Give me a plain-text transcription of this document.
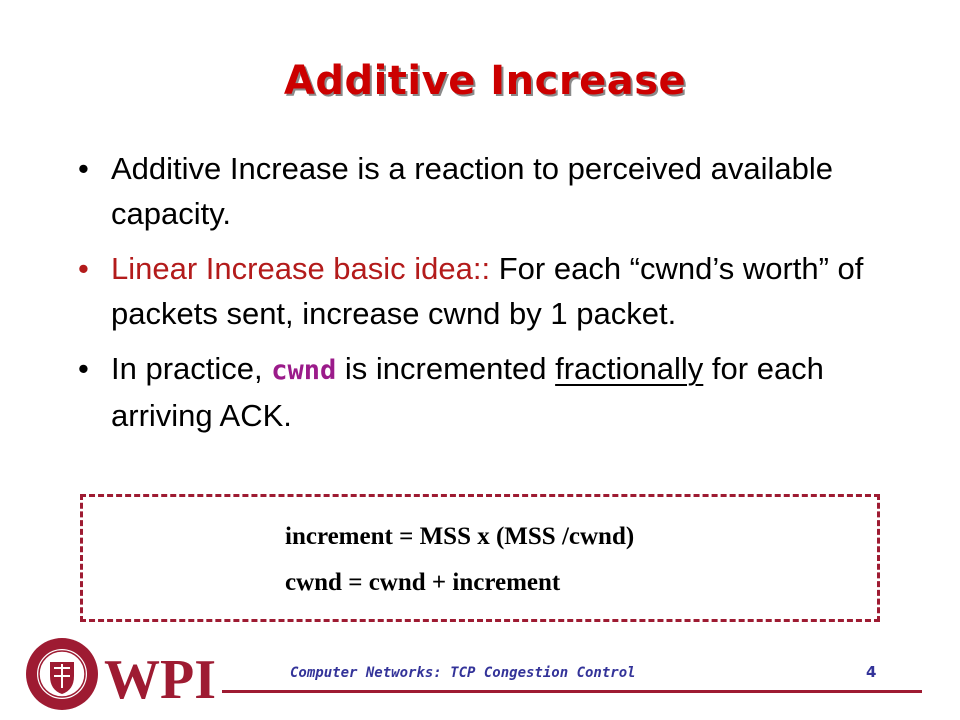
Additive Increase
• Additive Increase is a reaction to perceived available capacity.
• Linear Increase basic idea:: For each “cwnd’s worth” of packets sent, increase cwnd by 1 packet.
• In practice, cwnd is incremented fractionally for each arriving ACK.
increment = MSS x (MSS /cwnd)
cwnd = cwnd + increment
WPI	Computer Networks: TCP Congestion Control	4
